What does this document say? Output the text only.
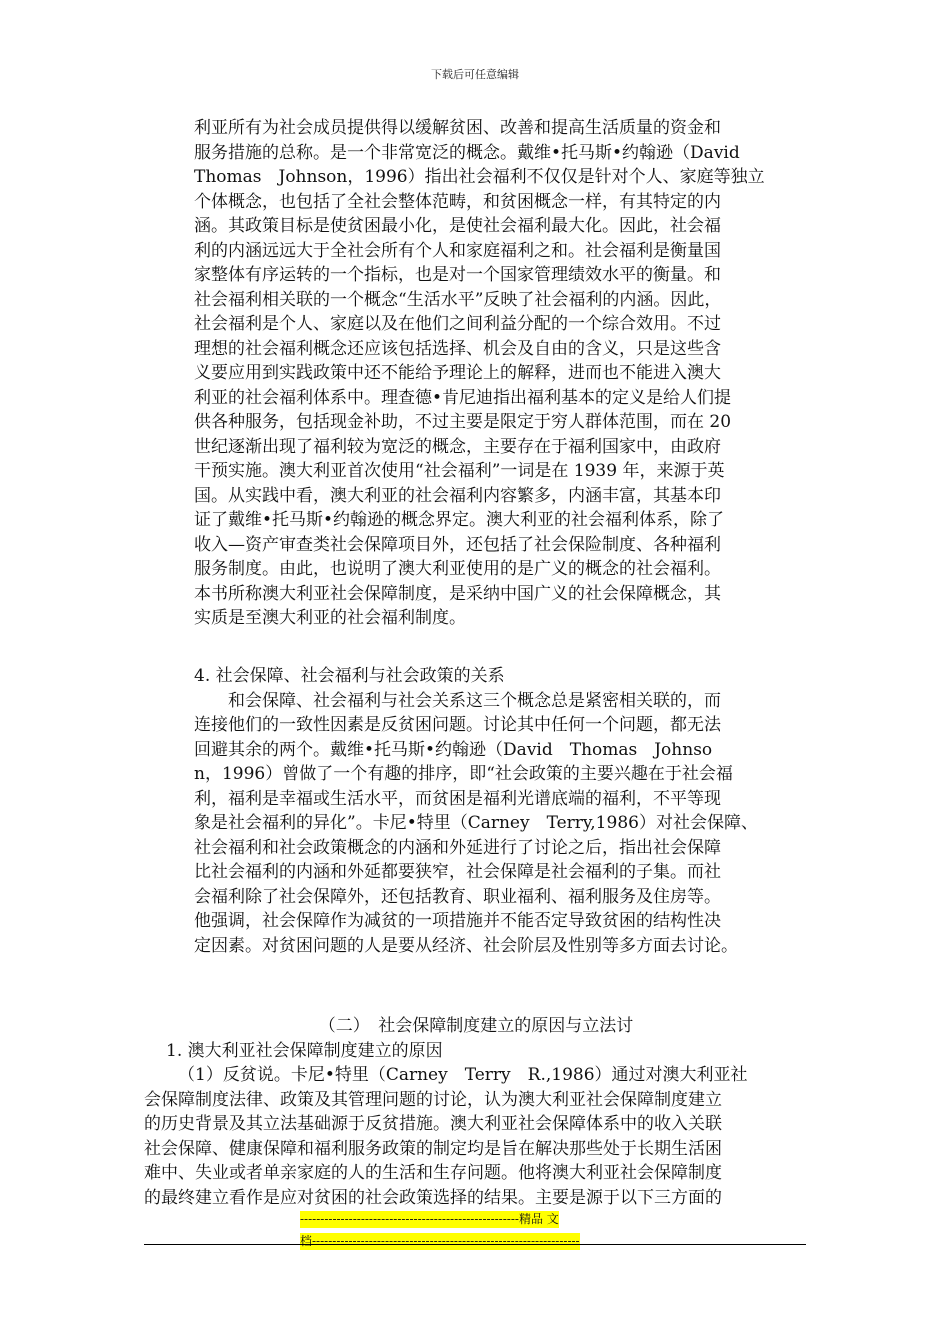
下载后可任意编辑
利亚所有为社会成员提供得以缓解贫困、改善和提高生活质量的资金和
服务措施的总称。是一个非常宽泛的概念。戴维•托马斯•约翰逊（David
Thomas　Johnson，1996）指出社会福利不仅仅是针对个人、家庭等独立
个体概念，也包括了全社会整体范畴，和贫困概念一样，有其特定的内
涵。其政策目标是使贫困最小化，是使社会福利最大化。因此，社会福
利的内涵远远大于全社会所有个人和家庭福利之和。社会福利是衡量国
家整体有序运转的一个指标，也是对一个国家管理绩效水平的衡量。和
社会福利相关联的一个概念“生活水平”反映了社会福利的内涵。因此，
社会福利是个人、家庭以及在他们之间利益分配的一个综合效用。不过
理想的社会福利概念还应该包括选择、机会及自由的含义，只是这些含
义要应用到实践政策中还不能给予理论上的解释，进而也不能进入澳大
利亚的社会福利体系中。理查德•肯尼迪指出福利基本的定义是给人们提
供各种服务，包括现金补助，不过主要是限定于穷人群体范围，而在 20
世纪逐渐出现了福利较为宽泛的概念，主要存在于福利国家中，由政府
干预实施。澳大利亚首次使用“社会福利”一词是在 1939 年，来源于英
国。从实践中看，澳大利亚的社会福利内容繁多，内涵丰富，其基本印
证了戴维•托马斯•约翰逊的概念界定。澳大利亚的社会福利体系，除了
收入—资产审查类社会保障项目外，还包括了社会保险制度、各种福利
服务制度。由此，也说明了澳大利亚使用的是广义的概念的社会福利。
本书所称澳大利亚社会保障制度，是采纳中国广义的社会保障概念，其
实质是至澳大利亚的社会福利制度。
4. 社会保障、社会福利与社会政策的关系
　　和会保障、社会福利与社会关系这三个概念总是紧密相关联的，而
连接他们的一致性因素是反贫困问题。讨论其中任何一个问题，都无法
回避其余的两个。戴维•托马斯•约翰逊（David　Thomas　Johnso
n，1996）曾做了一个有趣的排序，即“社会政策的主要兴趣在于社会福
利，福利是幸福或生活水平，而贫困是福利光谱底端的福利，不平等现
象是社会福利的异化”。卡尼•特里（Carney　Terry,1986）对社会保障、
社会福利和社会政策概念的内涵和外延进行了讨论之后，指出社会保障
比社会福利的内涵和外延都要狭窄，社会保障是社会福利的子集。而社
会福利除了社会保障外，还包括教育、职业福利、福利服务及住房等。
他强调，社会保障作为减贫的一项措施并不能否定导致贫困的结构性决
定因素。对贫困问题的人是要从经济、社会阶层及性别等多方面去讨论。
（二）　社会保障制度建立的原因与立法讨
1. 澳大利亚社会保障制度建立的原因
（1）反贫说。卡尼•特里（Carney　Terry　R.,1986）通过对澳大利亚社
会保障制度法律、政策及其管理问题的讨论，认为澳大利亚社会保障制度建立
的历史背景及其立法基础源于反贫措施。澳大利亚社会保障体系中的收入关联
社会保障、健康保障和福利服务政策的制定均是旨在解决那些处于长期生活困
难中、失业或者单亲家庭的人的生活和生存问题。他将澳大利亚社会保障制度
的最终建立看作是应对贫困的社会政策选择的结果。主要是源于以下三方面的
------------------------------------------------------精品 文
档------------------------------------------------------------------
